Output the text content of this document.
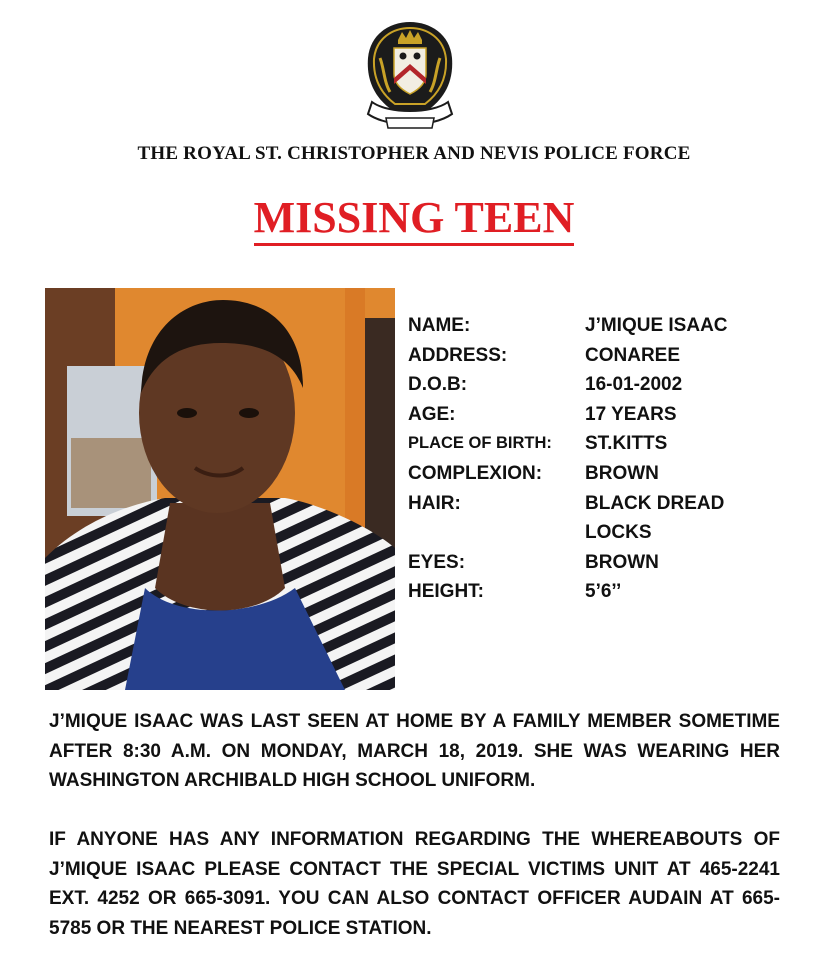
THE ROYAL ST. CHRISTOPHER AND NEVIS POLICE FORCE
MISSING TEEN
NAME:	J’MIQUE ISAAC
ADDRESS:	CONAREE
D.O.B:	16-01-2002
AGE:	17 YEARS
PLACE OF BIRTH:	ST.KITTS
COMPLEXION:	BROWN
HAIR:	BLACK DREAD
LOCKS
EYES:	BROWN
HEIGHT:	5’6’’

J’MIQUE ISAAC WAS LAST SEEN AT HOME BY A FAMILY MEMBER SOMETIME AFTER 8:30 A.M. ON MONDAY, MARCH 18, 2019. SHE WAS WEARING HER WASHINGTON ARCHIBALD HIGH SCHOOL UNIFORM.

IF ANYONE HAS ANY INFORMATION REGARDING THE WHEREABOUTS OF J’MIQUE ISAAC PLEASE CONTACT THE SPECIAL VICTIMS UNIT AT 465-2241 EXT. 4252 OR 665-3091. YOU CAN ALSO CONTACT OFFICER AUDAIN AT 665-5785 OR THE NEAREST POLICE STATION.
